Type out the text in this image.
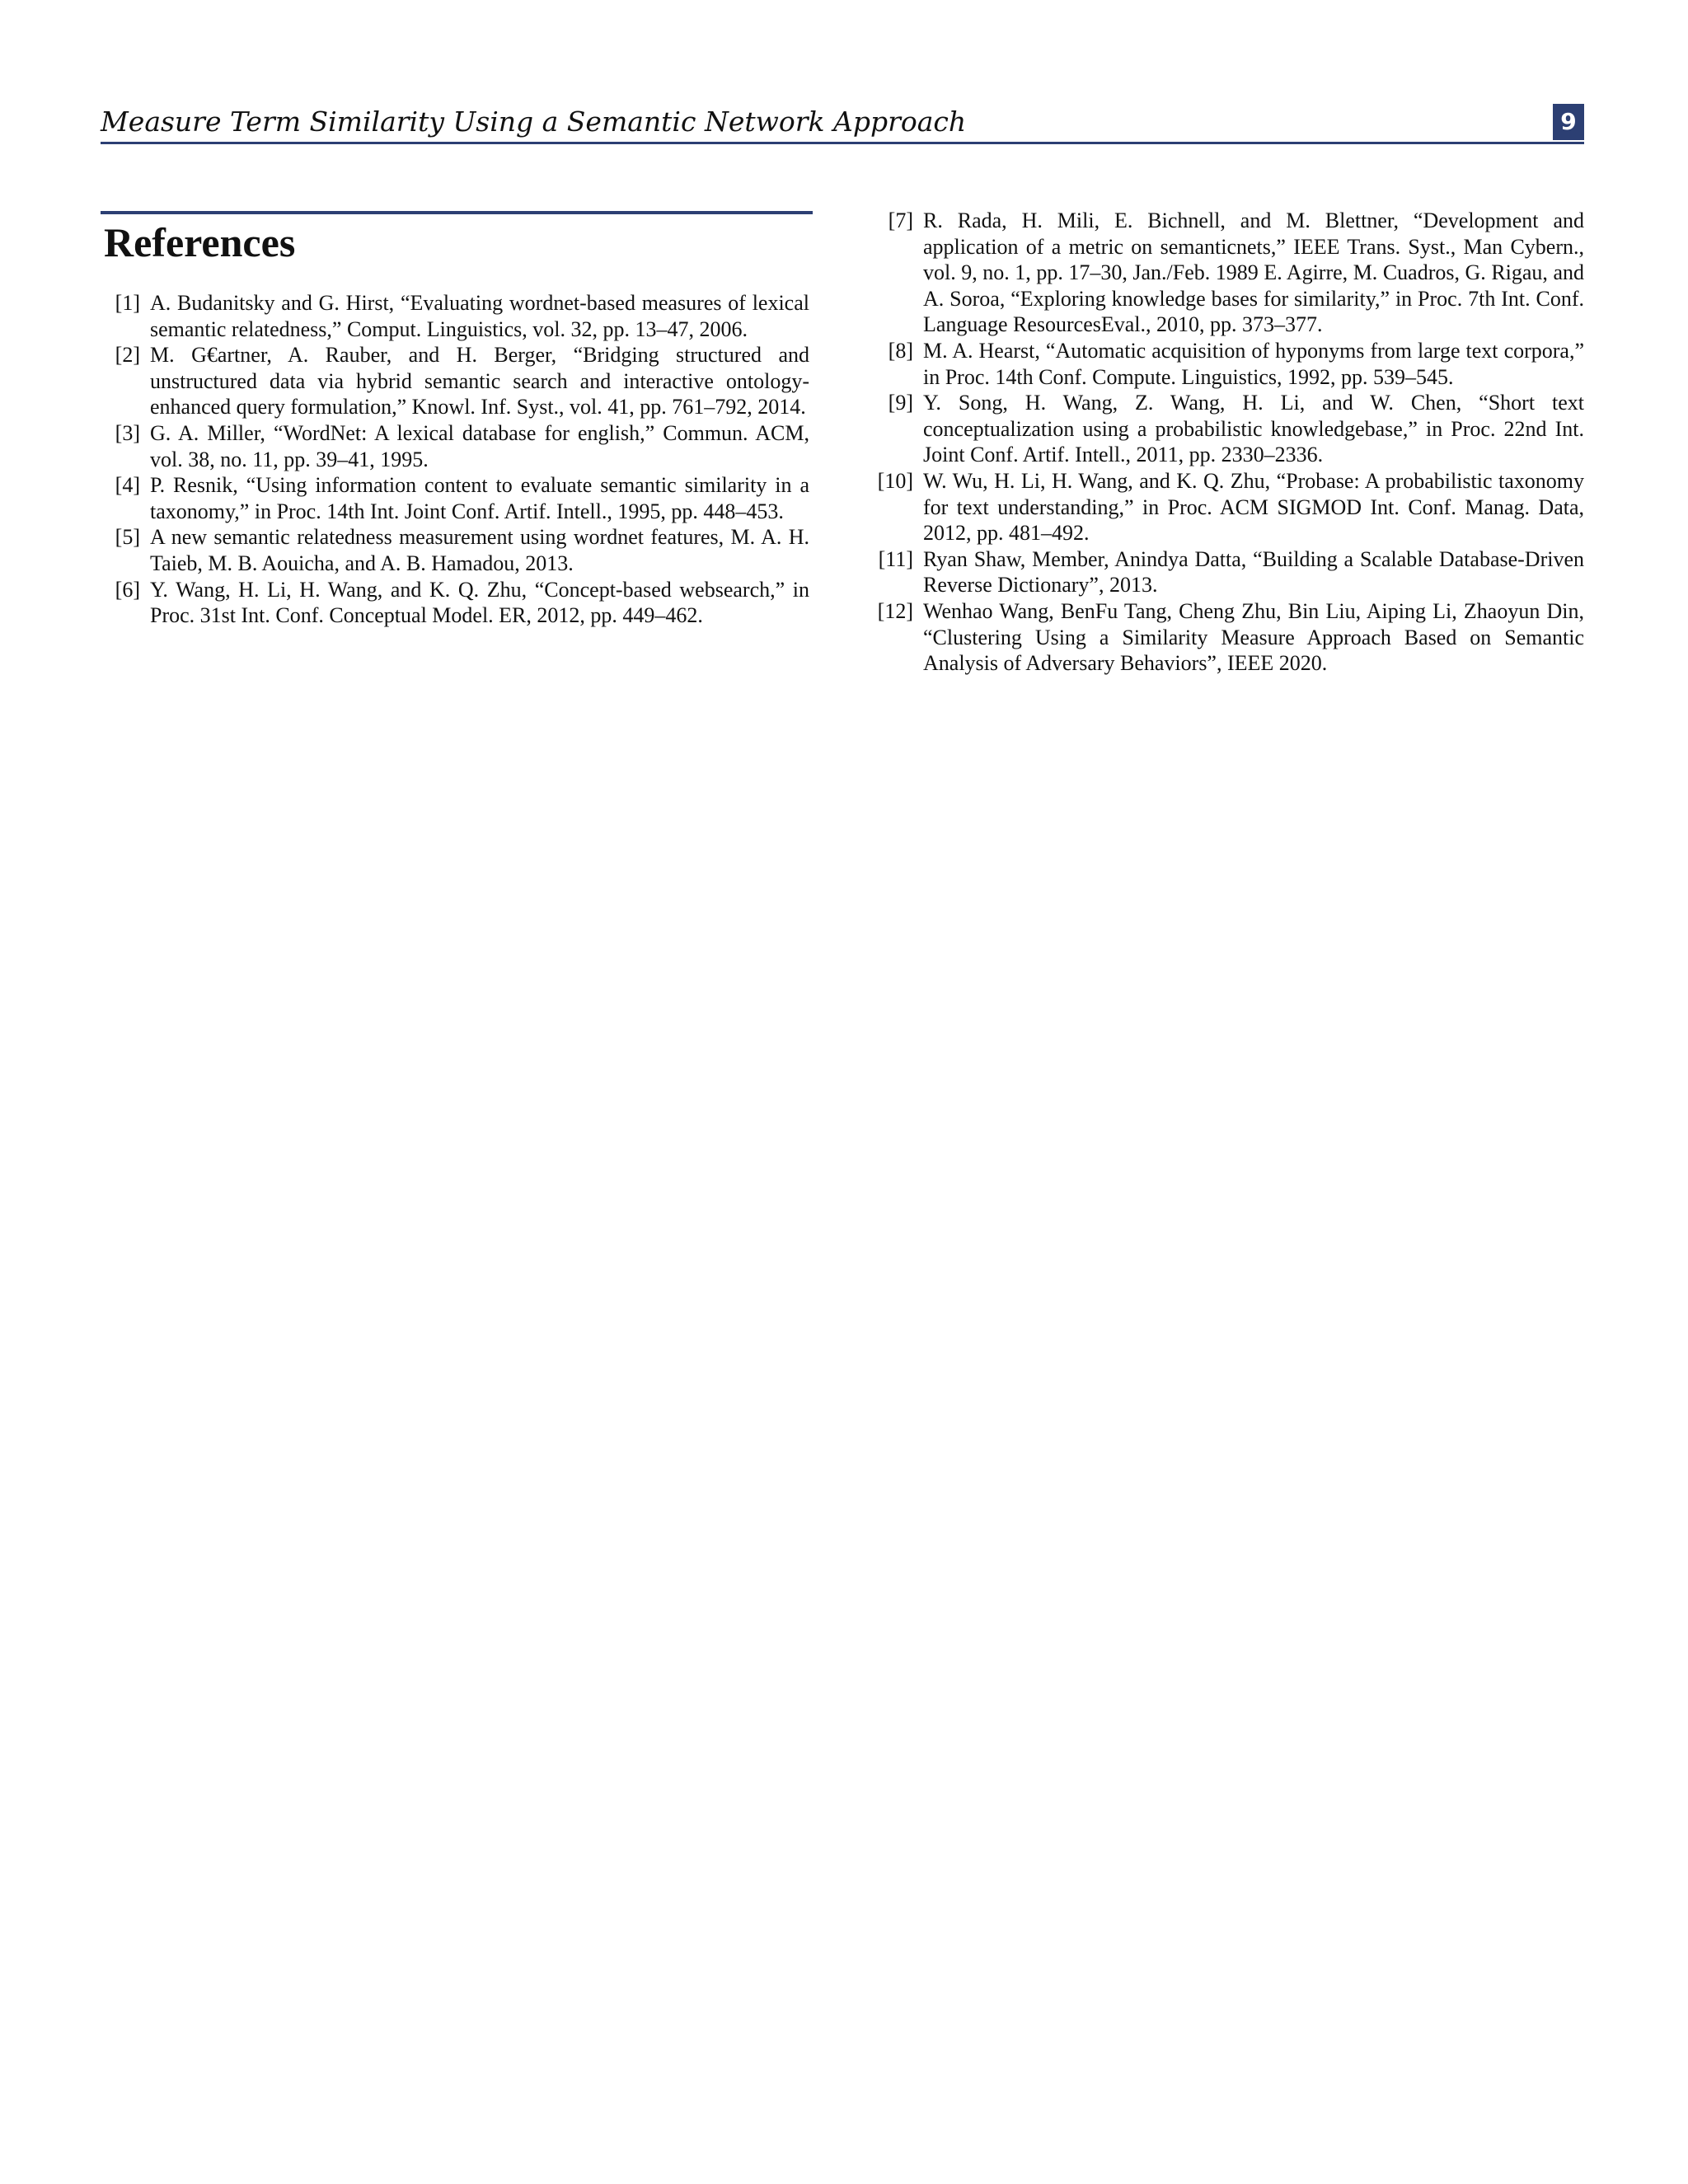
Measure Term Similarity Using a Semantic Network Approach	9
References
[1] A. Budanitsky and G. Hirst, “Evaluating wordnet-based measures of lexical semantic relatedness,” Comput. Linguistics, vol. 32, pp. 13–47, 2006.
[2] M. G€artner, A. Rauber, and H. Berger, “Bridging structured and unstructured data via hybrid semantic search and interactive ontology-enhanced query formulation,” Knowl. Inf. Syst., vol. 41, pp. 761–792, 2014.
[3] G. A. Miller, “WordNet: A lexical database for english,” Commun. ACM, vol. 38, no. 11, pp. 39–41, 1995.
[4] P. Resnik, “Using information content to evaluate semantic similarity in a taxonomy,” in Proc. 14th Int. Joint Conf. Artif. Intell., 1995, pp. 448–453.
[5] A new semantic relatedness measurement using wordnet features, M. A. H. Taieb, M. B. Aouicha, and A. B. Hamadou, 2013.
[6] Y. Wang, H. Li, H. Wang, and K. Q. Zhu, “Concept-based websearch,” in Proc. 31st Int. Conf. Conceptual Model. ER, 2012, pp. 449–462.
[7] R. Rada, H. Mili, E. Bichnell, and M. Blettner, “Development and application of a metric on semanticnets,” IEEE Trans. Syst., Man Cybern., vol. 9, no. 1, pp. 17–30, Jan./Feb. 1989 E. Agirre, M. Cuadros, G. Rigau, and A. Soroa, “Exploring knowledge bases for similarity,” in Proc. 7th Int. Conf. Language ResourcesEval., 2010, pp. 373–377.
[8] M. A. Hearst, “Automatic acquisition of hyponyms from large text corpora,” in Proc. 14th Conf. Compute. Linguistics, 1992, pp. 539–545.
[9] Y. Song, H. Wang, Z. Wang, H. Li, and W. Chen, “Short text conceptualization using a probabilistic knowledgebase,” in Proc. 22nd Int. Joint Conf. Artif. Intell., 2011, pp. 2330–2336.
[10] W. Wu, H. Li, H. Wang, and K. Q. Zhu, “Probase: A probabilistic taxonomy for text understanding,” in Proc. ACM SIGMOD Int. Conf. Manag. Data, 2012, pp. 481–492.
[11] Ryan Shaw, Member, Anindya Datta, “Building a Scalable Database-Driven Reverse Dictionary”, 2013.
[12] Wenhao Wang, BenFu Tang, Cheng Zhu, Bin Liu, Aiping Li, Zhaoyun Din, “Clustering Using a Similarity Measure Approach Based on Semantic Analysis of Adversary Behaviors”, IEEE 2020.
